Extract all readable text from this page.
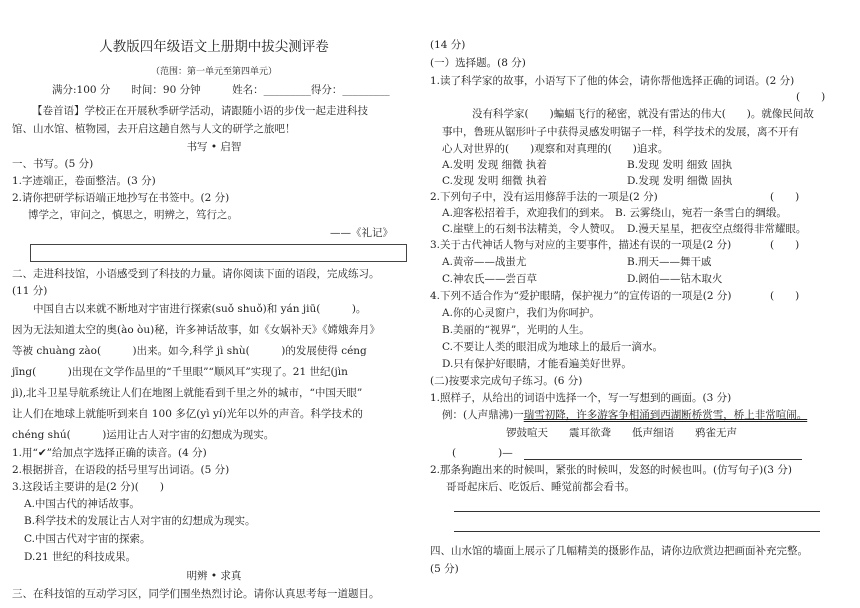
人教版四年级语文上册期中拔尖测评卷
（范围：第一单元至第四单元）
满分:100 分　　时间：90 分钟　　　姓名：_________得分：_________
【卷首语】学校正在开展秋季研学活动，请跟随小语的步伐一起走进科技
馆、山水馆、植物园，去开启这趟自然与人文的研学之旅吧！
书写 • 启智
一、书写。(5 分)
1.字迹端正，卷面整洁。(3 分)
2.请你把研学标语端正地抄写在书签中。(2 分)
博学之，审问之，慎思之，明辨之，笃行之。
——《礼记》
二、走进科技馆，小语感受到了科技的力量。请你阅读下面的语段，完成练习。
(11 分)
　　中国自古以来就不断地对宇宙进行探索(suǒ shuǒ)和 yán jiū(　　　)。
因为无法知道太空的奥(ào òu)秘，许多神话故事，如《女娲补天》《嫦娥奔月》
等被 chuàng zào(　　　)出来。如今,科学 jì shù(　　　)的发展使得 céng
jīng(　　　)出现在文学作品里的“千里眼”“顺风耳”实现了。21 世纪(jìn
jì),北斗卫星导航系统让人们在地图上就能看到千里之外的城市，“中国天眼”
让人们在地球上就能听到来自 100 多亿(yì yí)光年以外的声音。科学技术的
chéng shú(　　　)运用让古人对宇宙的幻想成为现实。
1.用“✔”给加点字选择正确的读音。(4 分)
2.根据拼音，在语段的括号里写出词语。(5 分)
3.这段话主要讲的是(2 分)(　　)
A.中国古代的神话故事。
B.科学技术的发展让古人对宇宙的幻想成为现实。
C.中国古代对宇宙的探索。
D.21 世纪的科技成果。
明辨 • 求真
三、在科技馆的互动学习区，同学们围坐热烈讨论。请你认真思考每一道题目。
(14 分)
(一）选择题。(8 分)
1.读了科学家的故事，小语写下了他的体会，请你帮他选择正确的词语。(2 分)
(　　)
　　　　没有科学家(　　)蝙蝠飞行的秘密，就没有雷达的伟大(　　)。就像民间故
事中，鲁班从锯形叶子中获得灵感发明锯子一样，科学技术的发展，离不开有
心人对世界的(　　)观察和对真理的(　　)追求。
A.发明 发现 细微 执着	B.发现 发明 细致 固执
C.发现 发明 细微 执着	D.发现 发明 细微 固执
2.下列句子中，没有运用修辞手法的一项是(2 分)	(　　)
A.迎客松招着手，欢迎我们的到来。 B. 云雾绕山，宛若一条雪白的绸缎。
C.崖壁上的石刻书法精美，令人赞叹。 D.漫天星星，把夜空点缀得非常耀眼。
3.关于古代神话人物与对应的主要事件，描述有误的一项是(2 分)	(　　)
A.黄帝——战蚩尤	B.刑天——舞干戚
C.神农氏——尝百草	D.阏伯——钻木取火
4.下列不适合作为“爱护眼睛，保护视力”的宣传语的一项是(2 分)	(　　)
A.你的心灵窗户，我们为你呵护。
B.美丽的“视界”，光明的人生。
C.不要让人类的眼泪成为地球上的最后一滴水。
D.只有保护好眼睛，才能看遍美好世界。
(二)按要求完成句子练习。(6 分)
1.照样子，从给出的词语中选择一个，写一写想到的画面。(3 分)
例：(人声鼎沸)一瑞雪初降，许多游客争相涌到西湖断桥赏雪，桥上非常喧闹。
锣鼓喧天　　震耳欲聋　　低声细语　　鸦雀无声
(　　　　)—
2.那条狗跑出来的时候叫，紧张的时候叫，发怒的时候也叫。(仿写句子)(3 分)
哥哥起床后、吃饭后、睡觉前都会看书。
四、山水馆的墙面上展示了几幅精美的摄影作品，请你边欣赏边把画面补充完整。
(5 分)
